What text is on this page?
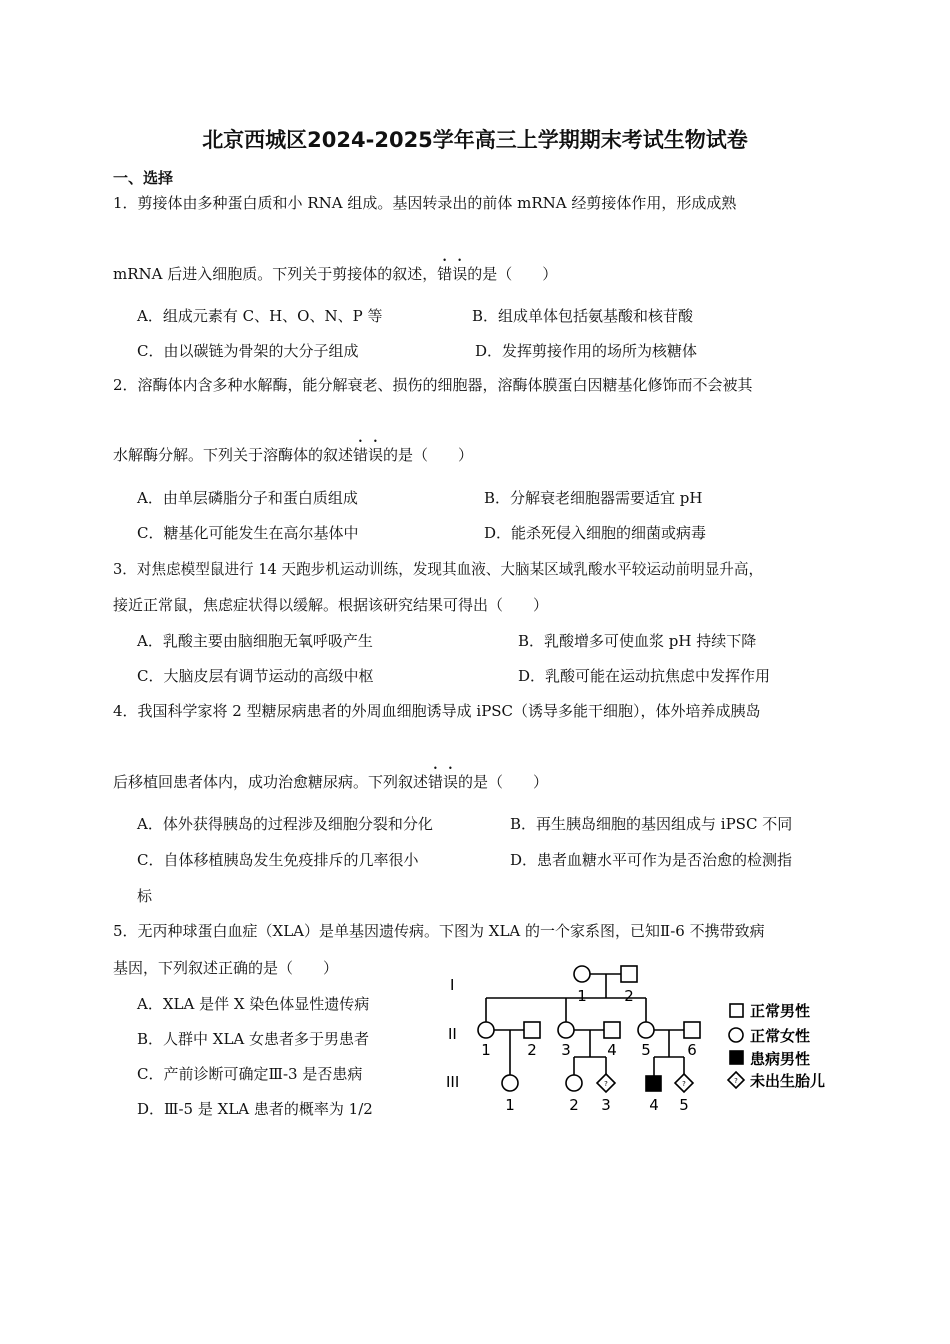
北京西城区2024-2025学年高三上学期期末考试生物试卷
一、选择
1．剪接体由多种蛋白质和小 RNA 组成。基因转录出的前体 mRNA 经剪接体作用，形成成熟
mRNA 后进入细胞质。下列关于剪接体的叙述，错误的是（　　）
A．组成元素有 C、H、O、N、P 等	B．组成单体包括氨基酸和核苷酸
C．由以碳链为骨架的大分子组成	D．发挥剪接作用的场所为核糖体
2．溶酶体内含多种水解酶，能分解衰老、损伤的细胞器，溶酶体膜蛋白因糖基化修饰而不会被其
水解酶分解。下列关于溶酶体的叙述错误的是（　　）
A．由单层磷脂分子和蛋白质组成	B．分解衰老细胞器需要适宜 pH
C．糖基化可能发生在高尔基体中	D．能杀死侵入细胞的细菌或病毒
3．对焦虑模型鼠进行 14 天跑步机运动训练，发现其血液、大脑某区域乳酸水平较运动前明显升高，
接近正常鼠，焦虑症状得以缓解。根据该研究结果可得出（　　）
A．乳酸主要由脑细胞无氧呼吸产生	B．乳酸增多可使血浆 pH 持续下降
C．大脑皮层有调节运动的高级中枢	D．乳酸可能在运动抗焦虑中发挥作用
4．我国科学家将 2 型糖尿病患者的外周血细胞诱导成 iPSC（诱导多能干细胞），体外培养成胰岛
后移植回患者体内，成功治愈糖尿病。下列叙述错误的是（　　）
A．体外获得胰岛的过程涉及细胞分裂和分化	B．再生胰岛细胞的基因组成与 iPSC 不同
C．自体移植胰岛发生免疫排斥的几率很小	D．患者血糖水平可作为是否治愈的检测指
标
5．无丙种球蛋白血症（XLA）是单基因遗传病。下图为 XLA 的一个家系图，已知Ⅱ-6 不携带致病
基因，下列叙述正确的是（　　）
A．XLA 是伴 X 染色体显性遗传病
B．人群中 XLA 女患者多于男患者
C．产前诊断可确定Ⅲ-3 是否患病
D．Ⅲ-5 是 XLA 患者的概率为 1/2
?	?	?
I
II
III
1 2
1 2 3 4 5 6
1	2 3	4 5
正常男性
正常女性
患病男性
未出生胎儿
